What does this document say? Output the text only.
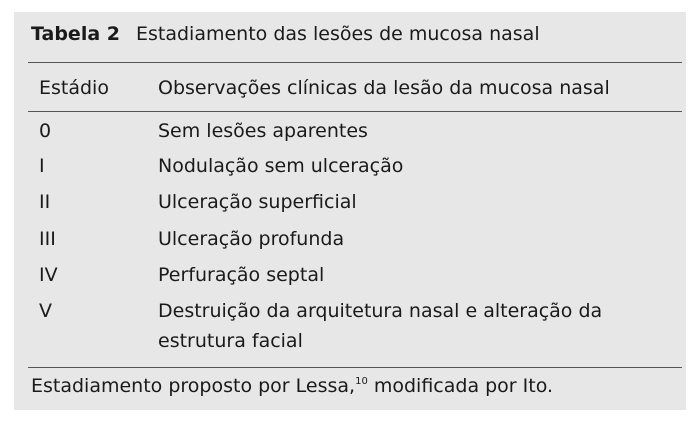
Tabela 2 Estadiamento das lesões de mucosa nasal
Estádio	Observações clínicas da lesão da mucosa nasal
0	Sem lesões aparentes
I	Nodulação sem ulceração
II	Ulceração superficial
III	Ulceração profunda
IV	Perfuração septal
V	Destruição da arquitetura nasal e alteração da estrutura facial
Estadiamento proposto por Lessa,$^{10}$ modificada por Ito.
